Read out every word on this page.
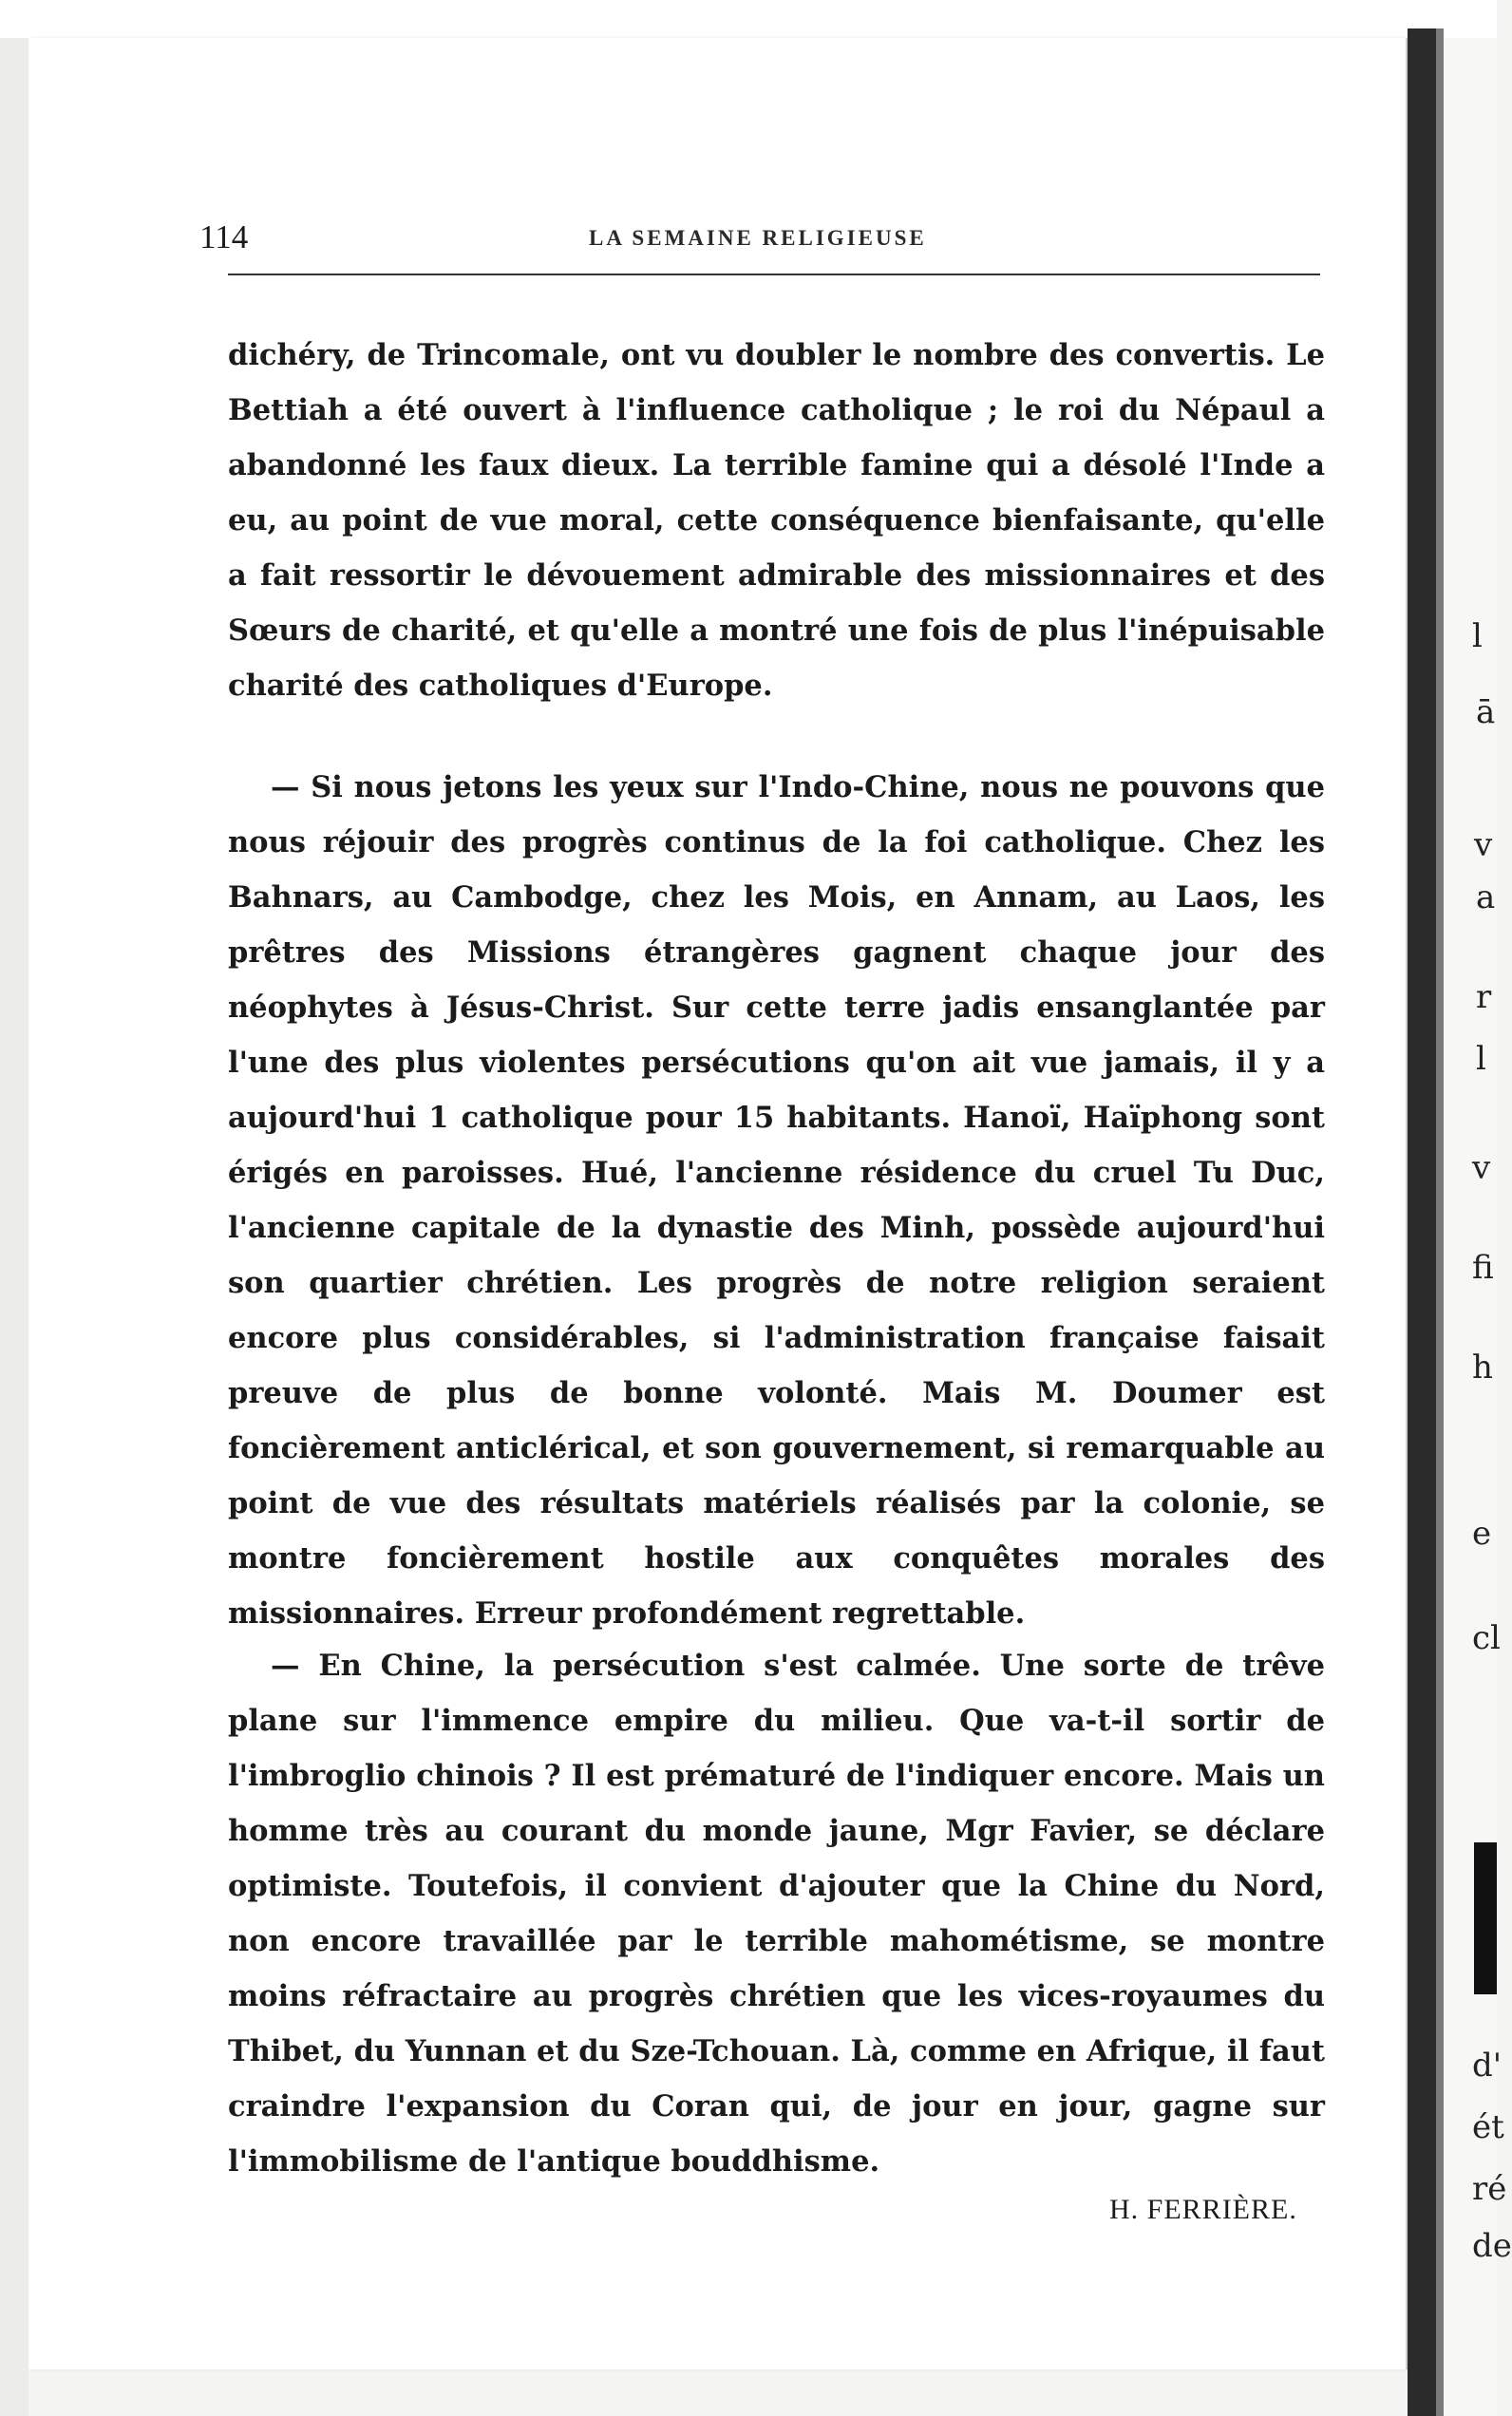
114	LA SEMAINE RELIGIEUSE

dichéry, de Trincomale, ont vu doubler le nombre des convertis. Le Bettiah a été ouvert à l'influence catholique ; le roi du Népaul a abandonné les faux dieux. La terrible famine qui a désolé l'Inde a eu, au point de vue moral, cette conséquence bienfaisante, qu'elle a fait ressortir le dévouement admirable des missionnaires et des Sœurs de charité, et qu'elle a montré une fois de plus l'inépuisable charité des catholiques d'Europe.

— Si nous jetons les yeux sur l'Indo-Chine, nous ne pouvons que nous réjouir des progrès continus de la foi catholique. Chez les Bahnars, au Cambodge, chez les Mois, en Annam, au Laos, les prêtres des Missions étrangères gagnent chaque jour des néophytes à Jésus-Christ. Sur cette terre jadis ensanglantée par l'une des plus violentes persécutions qu'on ait vue jamais, il y a aujourd'hui 1 catholique pour 15 habitants. Hanoï, Haïphong sont érigés en paroisses. Hué, l'ancienne résidence du cruel Tu Duc, l'ancienne capitale de la dynastie des Minh, possède aujourd'hui son quartier chrétien. Les progrès de notre religion seraient encore plus considérables, si l'administration française faisait preuve de plus de bonne volonté. Mais M. Doumer est foncièrement anticlérical, et son gouvernement, si remarquable au point de vue des résultats matériels réalisés par la colonie, se montre foncièrement hostile aux conquêtes morales des missionnaires. Erreur profondément regrettable.

— En Chine, la persécution s'est calmée. Une sorte de trêve plane sur l'immence empire du milieu. Que va-t-il sortir de l'imbroglio chinois ? Il est prématuré de l'indiquer encore. Mais un homme très au courant du monde jaune, Mgr Favier, se déclare optimiste. Toutefois, il convient d'ajouter que la Chine du Nord, non encore travaillée par le terrible mahométisme, se montre moins réfractaire au progrès chrétien que les vices-royaumes du Thibet, du Yunnan et du Sze-Tchouan. Là, comme en Afrique, il faut craindre l'expansion du Coran qui, de jour en jour, gagne sur l'immobilisme de l'antique bouddhisme.

H. FERRIÈRE.
l
ā
v
a
r
l
v
fi
h
e
cl
d'
ét
ré
de
